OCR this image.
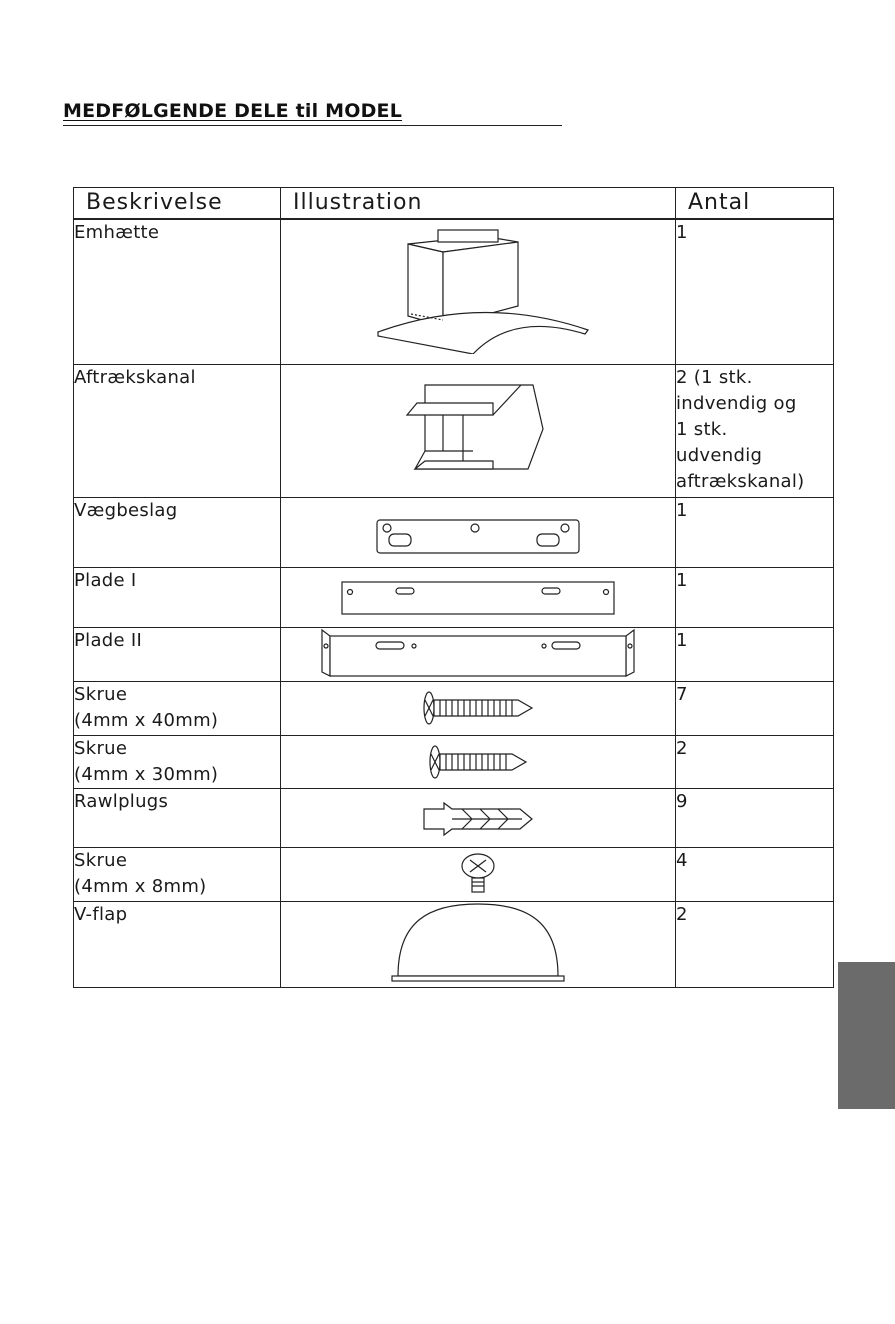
MEDFØLGENDE DELE til MODEL
Beskrivelse	Illustration	Antal
Emhætte		1
Aftrækskanal		2 (1 stk.
indvendig og
1 stk.
udvendig
aftrækskanal)
Vægbeslag		1
Plade I		1
Plade II		1
Skrue
(4mm x 40mm)		7
Skrue
(4mm x 30mm)		2
Rawlplugs		9
Skrue
(4mm x 8mm)		4
V-flap		2
